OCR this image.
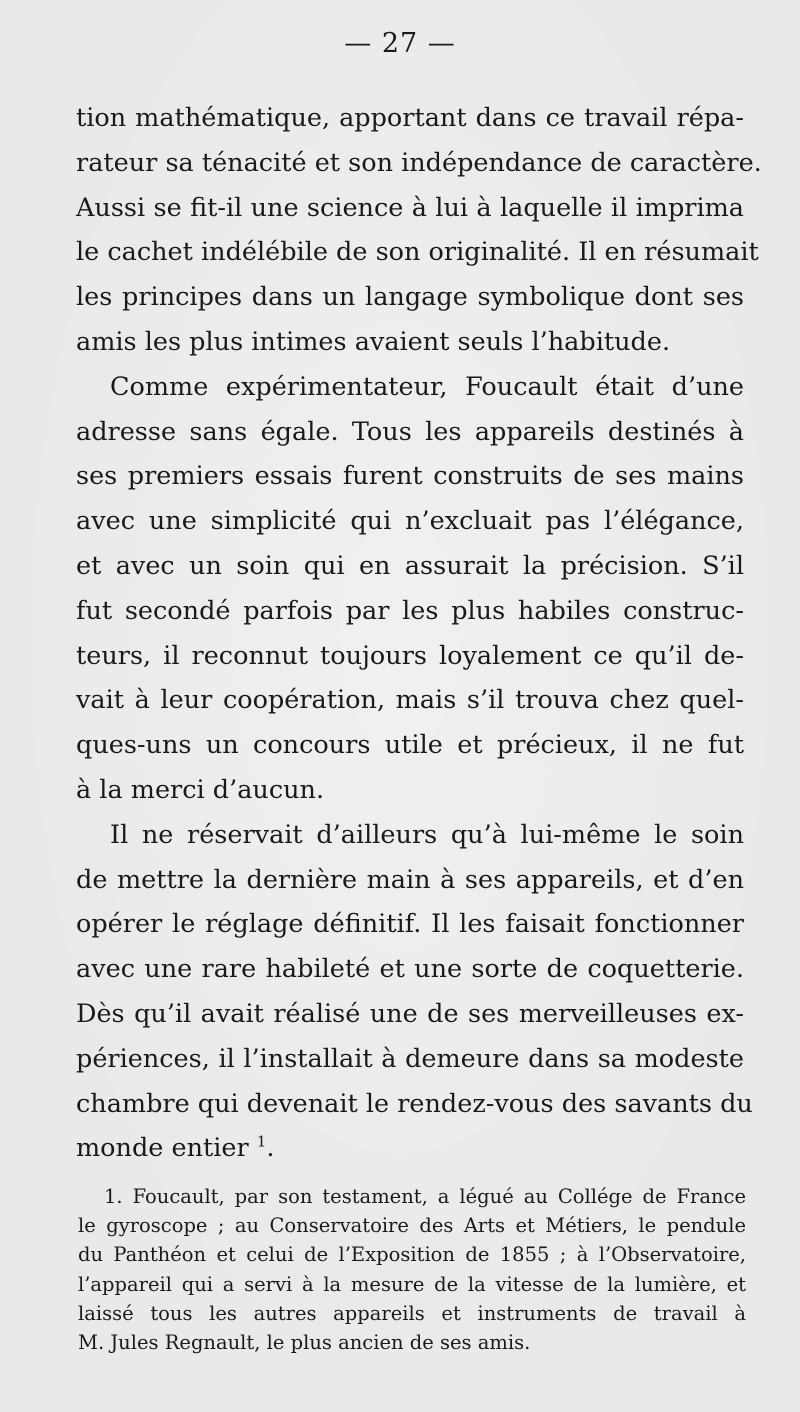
— 27 —
tion mathématique, apportant dans ce travail répa-
rateur sa ténacité et son indépendance de caractère.
Aussi se fit-il une science à lui à laquelle il imprima
le cachet indélébile de son originalité. Il en résumait
les principes dans un langage symbolique dont ses
amis les plus intimes avaient seuls l’habitude.
Comme expérimentateur, Foucault était d’une
adresse sans égale. Tous les appareils destinés à
ses premiers essais furent construits de ses mains
avec une simplicité qui n’excluait pas l’élégance,
et avec un soin qui en assurait la précision. S’il
fut secondé parfois par les plus habiles construc-
teurs, il reconnut toujours loyalement ce qu’il de-
vait à leur coopération, mais s’il trouva chez quel-
ques-uns un concours utile et précieux, il ne fut
à la merci d’aucun.
Il ne réservait d’ailleurs qu’à lui-même le soin
de mettre la dernière main à ses appareils, et d’en
opérer le réglage définitif. Il les faisait fonctionner
avec une rare habileté et une sorte de coquetterie.
Dès qu’il avait réalisé une de ses merveilleuses ex-
périences, il l’installait à demeure dans sa modeste
chambre qui devenait le rendez-vous des savants du
monde entier $^1$.
1. Foucault, par son testament, a légué au Collége de France
le gyroscope ; au Conservatoire des Arts et Métiers, le pendule
du Panthéon et celui de l’Exposition de 1855 ; à l’Observatoire,
l’appareil qui a servi à la mesure de la vitesse de la lumière, et
laissé tous les autres appareils et instruments de travail à
M. Jules Regnault, le plus ancien de ses amis.
